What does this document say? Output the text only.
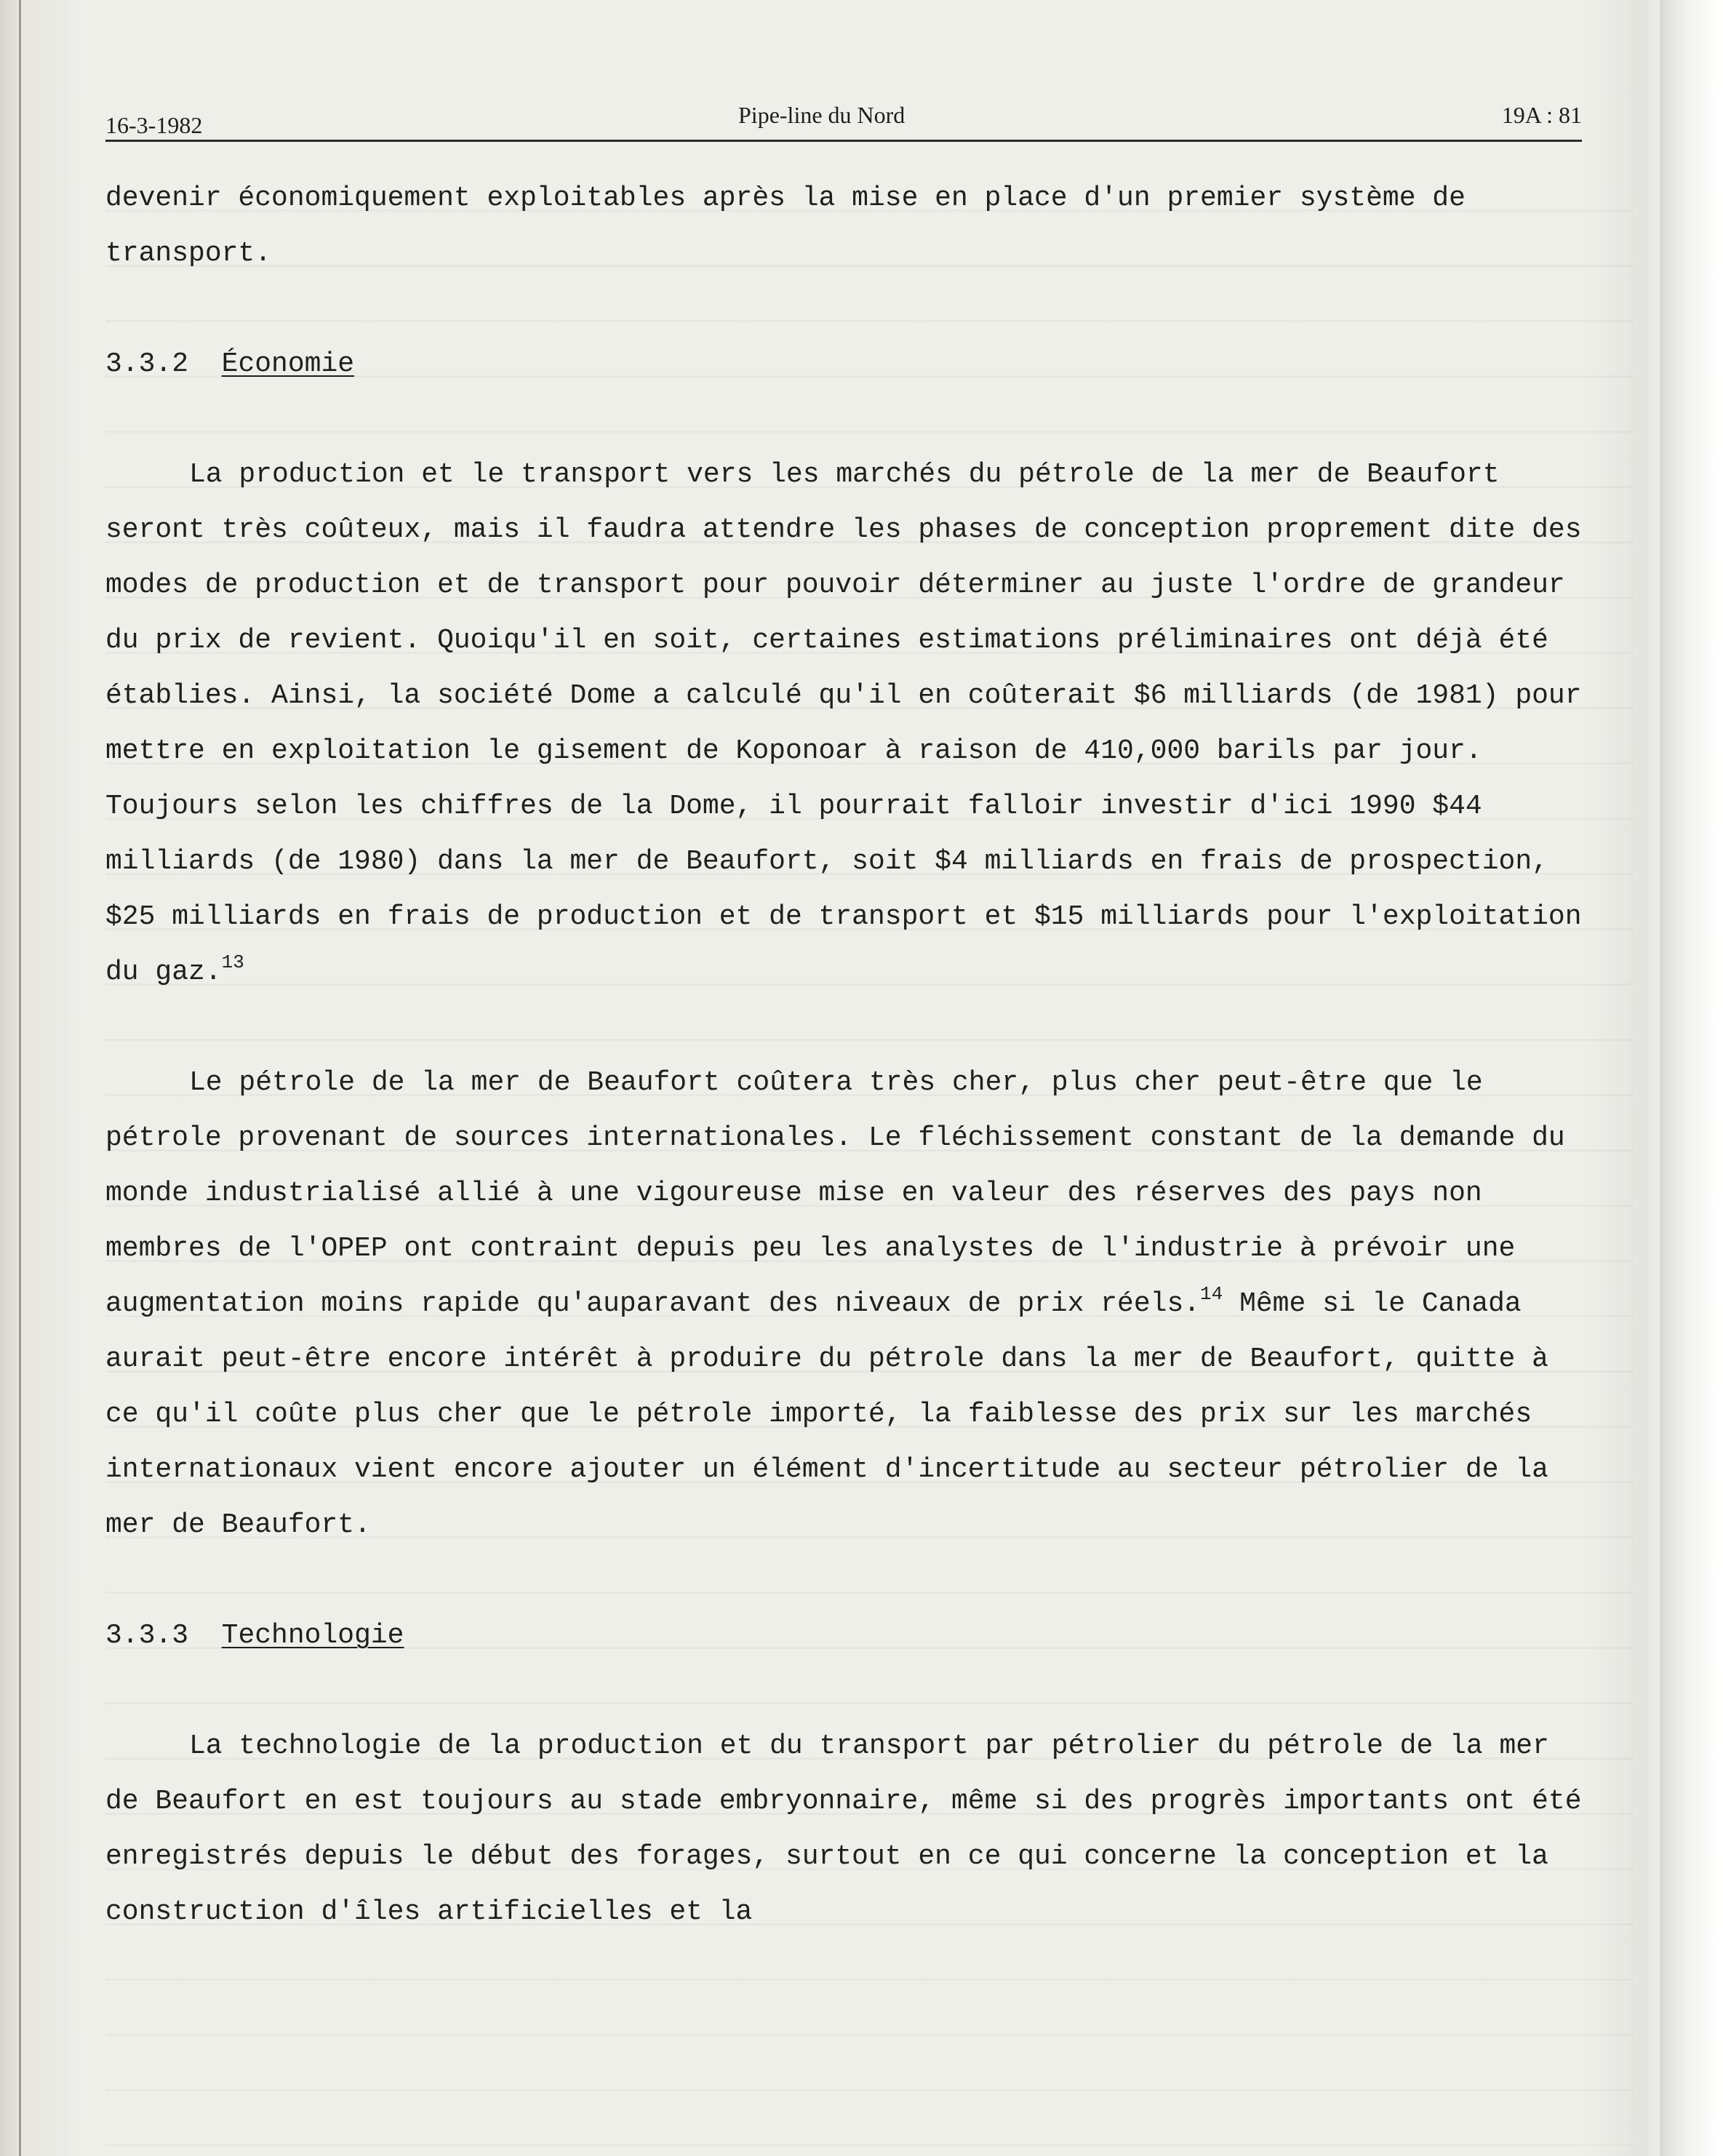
16-3-1982	Pipe-line du Nord	19A : 81

devenir économiquement exploitables après la mise en place d'un premier système de transport.

3.3.2 Économie

La production et le transport vers les marchés du pétrole de la mer de Beaufort seront très coûteux, mais il faudra attendre les phases de conception proprement dite des modes de production et de transport pour pouvoir déterminer au juste l'ordre de grandeur du prix de revient. Quoiqu'il en soit, certaines estimations préliminaires ont déjà été établies. Ainsi, la société Dome a calculé qu'il en coûterait $6 milliards (de 1981) pour mettre en exploitation le gisement de Koponoar à raison de 410,000 barils par jour. Toujours selon les chiffres de la Dome, il pourrait falloir investir d'ici 1990 $44 milliards (de 1980) dans la mer de Beaufort, soit $4 milliards en frais de prospection, $25 milliards en frais de production et de transport et $15 milliards pour l'exploitation du gaz.$^{13}$

Le pétrole de la mer de Beaufort coûtera très cher, plus cher peut-être que le pétrole provenant de sources internationales. Le fléchissement constant de la demande du monde industrialisé allié à une vigoureuse mise en valeur des réserves des pays non membres de l'OPEP ont contraint depuis peu les analystes de l'industrie à prévoir une augmentation moins rapide qu'auparavant des niveaux de prix réels.$^{14}$ Même si le Canada aurait peut-être encore intérêt à produire du pétrole dans la mer de Beaufort, quitte à ce qu'il coûte plus cher que le pétrole importé, la faiblesse des prix sur les marchés internationaux vient encore ajouter un élément d'incertitude au secteur pétrolier de la mer de Beaufort.

3.3.3 Technologie

La technologie de la production et du transport par pétrolier du pétrole de la mer de Beaufort en est toujours au stade embryonnaire, même si des progrès importants ont été enregistrés depuis le début des forages, surtout en ce qui concerne la conception et la construction d'îles artificielles et la
